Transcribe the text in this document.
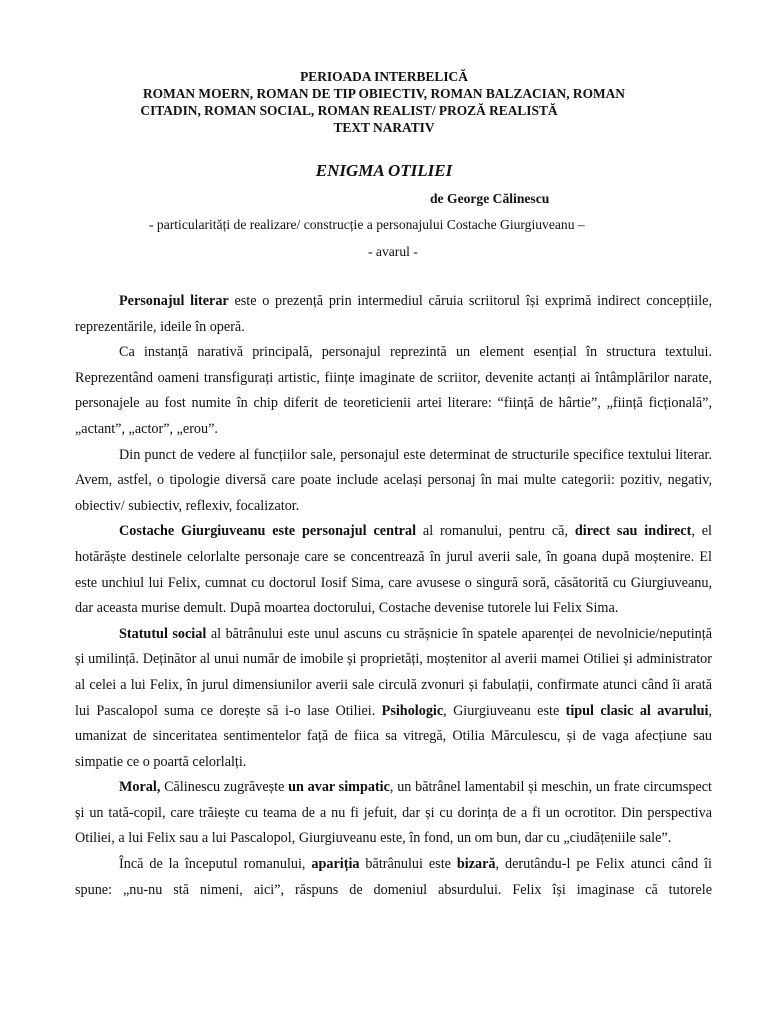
PERIOADA INTERBELICĂ
ROMAN MOERN, ROMAN DE TIP OBIECTIV, ROMAN BALZACIAN, ROMAN
CITADIN, ROMAN SOCIAL, ROMAN REALIST/ PROZĂ REALISTĂ
TEXT NARATIV
ENIGMA OTILIEI
de George Călinescu
- particularități de realizare/ construcție a personajului Costache Giurgiuveanu –
- avarul -

Personajul literar este o prezență prin intermediul căruia scriitorul își exprimă indirect concepțiile, reprezentările, ideile în operă.

Ca instanță narativă principală, personajul reprezintă un element esențial în structura textului. Reprezentând oameni transfigurați artistic, ființe imaginate de scriitor, devenite actanți ai întâmplărilor narate, personajele au fost numite în chip diferit de teoreticienii artei literare: “ființă de hârtie”, „ființă ficțională”, „actant”, „actor”, „erou”.

Din punct de vedere al funcțiilor sale, personajul este determinat de structurile specifice textului literar. Avem, astfel, o tipologie diversă care poate include același personaj în mai multe categorii: pozitiv, negativ, obiectiv/ subiectiv, reflexiv, focalizator.

Costache Giurgiuveanu este personajul central al romanului, pentru că, direct sau indirect, el hotărăște destinele celorlalte personaje care se concentrează în jurul averii sale, în goana după moștenire. El este unchiul lui Felix, cumnat cu doctorul Iosif Sima, care avusese o singură soră, căsătorită cu Giurgiuveanu, dar aceasta murise demult. După moartea doctorului, Costache devenise tutorele lui Felix Sima.

Statutul social al bătrânului este unul ascuns cu strășnicie în spatele aparenței de nevolnicie/neputință și umilință. Deținător al unui număr de imobile și proprietăți, moștenitor al averii mamei Otiliei și administrator al celei a lui Felix, în jurul dimensiunilor averii sale circulă zvonuri și fabulații, confirmate atunci când îi arată lui Pascalopol suma ce dorește să i-o lase Otiliei. Psihologic, Giurgiuveanu este tipul clasic al avarului, umanizat de sinceritatea sentimentelor față de fiica sa vitregă, Otilia Mărculescu, și de vaga afecțiune sau simpatie ce o poartă celorlalți.

Moral, Călinescu zugrăvește un avar simpatic, un bătrânel lamentabil și meschin, un frate circumspect și un tată-copil, care trăiește cu teama de a nu fi jefuit, dar și cu dorința de a fi un ocrotitor. Din perspectiva Otiliei, a lui Felix sau a lui Pascalopol, Giurgiuveanu este, în fond, un om bun, dar cu „ciudățeniile sale”.

Încă de la începutul romanului, apariția bătrânului este bizară, derutându-l pe Felix atunci când îi spune: „nu-nu stă nimeni, aici”, răspuns de domeniul absurdului. Felix își imaginase că tutorele
